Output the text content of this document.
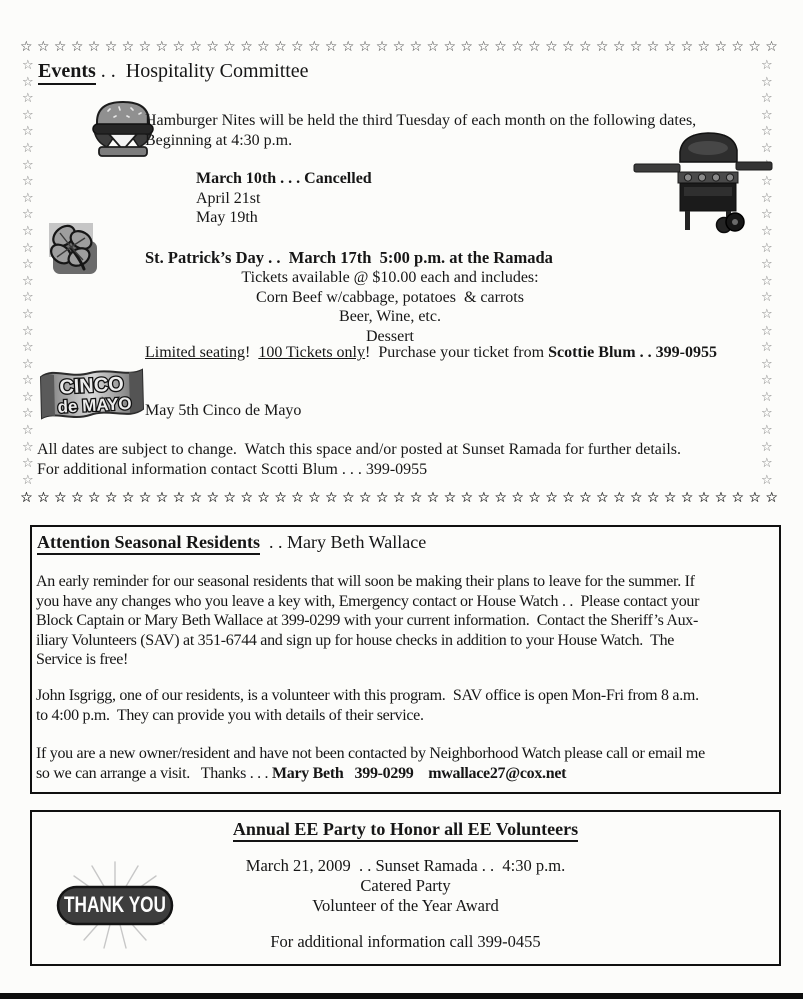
☆ ☆ ☆ ☆ ☆ ☆ ☆ ☆ ☆ ☆ ☆ ☆ ☆ ☆ ☆ ☆ ☆ ☆ ☆ ☆ ☆ ☆ ☆ ☆ ☆ ☆ ☆ ☆ ☆ ☆ ☆ ☆ ☆ ☆ ☆ ☆ ☆ ☆ ☆ ☆ ☆ ☆ ☆ ☆ ☆
☆ ☆ ☆ ☆ ☆ ☆ ☆ ☆ ☆ ☆ ☆ ☆ ☆ ☆ ☆ ☆ ☆ ☆ ☆ ☆ ☆ ☆ ☆ ☆ ☆ ☆ ☆ ☆ ☆ ☆ ☆ ☆ ☆ ☆ ☆ ☆ ☆ ☆ ☆ ☆ ☆ ☆ ☆ ☆ ☆
☆
☆
☆
☆
☆
☆
☆
☆
☆
☆
☆
☆
☆
☆
☆
☆
☆
☆
☆
☆
☆
☆
☆
☆
☆
☆
☆
☆
☆
☆
☆
☆
☆
☆
☆
☆
☆
☆
☆
☆
☆
☆
☆
☆
☆
☆
☆
☆
☆
☆
☆
Events . .  Hospitality Committee
Hamburger Nites will be held the third Tuesday of each month on the following dates,
Beginning at 4:30 p.m.
March 10th . . . Cancelled
April 21st
May 19th
St. Patrick’s Day . .  March 17th  5:00 p.m. at the Ramada
Tickets available @ $10.00 each and includes:
Corn Beef w/cabbage, potatoes  & carrots
Beer, Wine, etc.
Dessert
Limited seating!  100 Tickets only!  Purchase your ticket from Scottie Blum . . 399-0955
CINCO
de MAYO May 5th Cinco de Mayo
All dates are subject to change.  Watch this space and/or posted at Sunset Ramada for further details.
For additional information contact Scotti Blum . . . 399-0955
Attention Seasonal Residents  . . Mary Beth Wallace
An early reminder for our seasonal residents that will soon be making their plans to leave for the summer. If
you have any changes who you leave a key with, Emergency contact or House Watch . .  Please contact your
Block Captain or Mary Beth Wallace at 399-0299 with your current information.  Contact the Sheriff’s Aux-
iliary Volunteers (SAV) at 351-6744 and sign up for house checks in addition to your House Watch.  The
Service is free!
John Isgrigg, one of our residents, is a volunteer with this program.  SAV office is open Mon-Fri from 8 a.m.
to 4:00 p.m.  They can provide you with details of their service.
If you are a new owner/resident and have not been contacted by Neighborhood Watch please call or email me
so we can arrange a visit.   Thanks . . . Mary Beth   399-0299    mwallace27@cox.net
Annual EE Party to Honor all EE Volunteers
THANK YOU
March 21, 2009  . . Sunset Ramada . .  4:30 p.m.
Catered Party
Volunteer of the Year Award
For additional information call 399-0455
